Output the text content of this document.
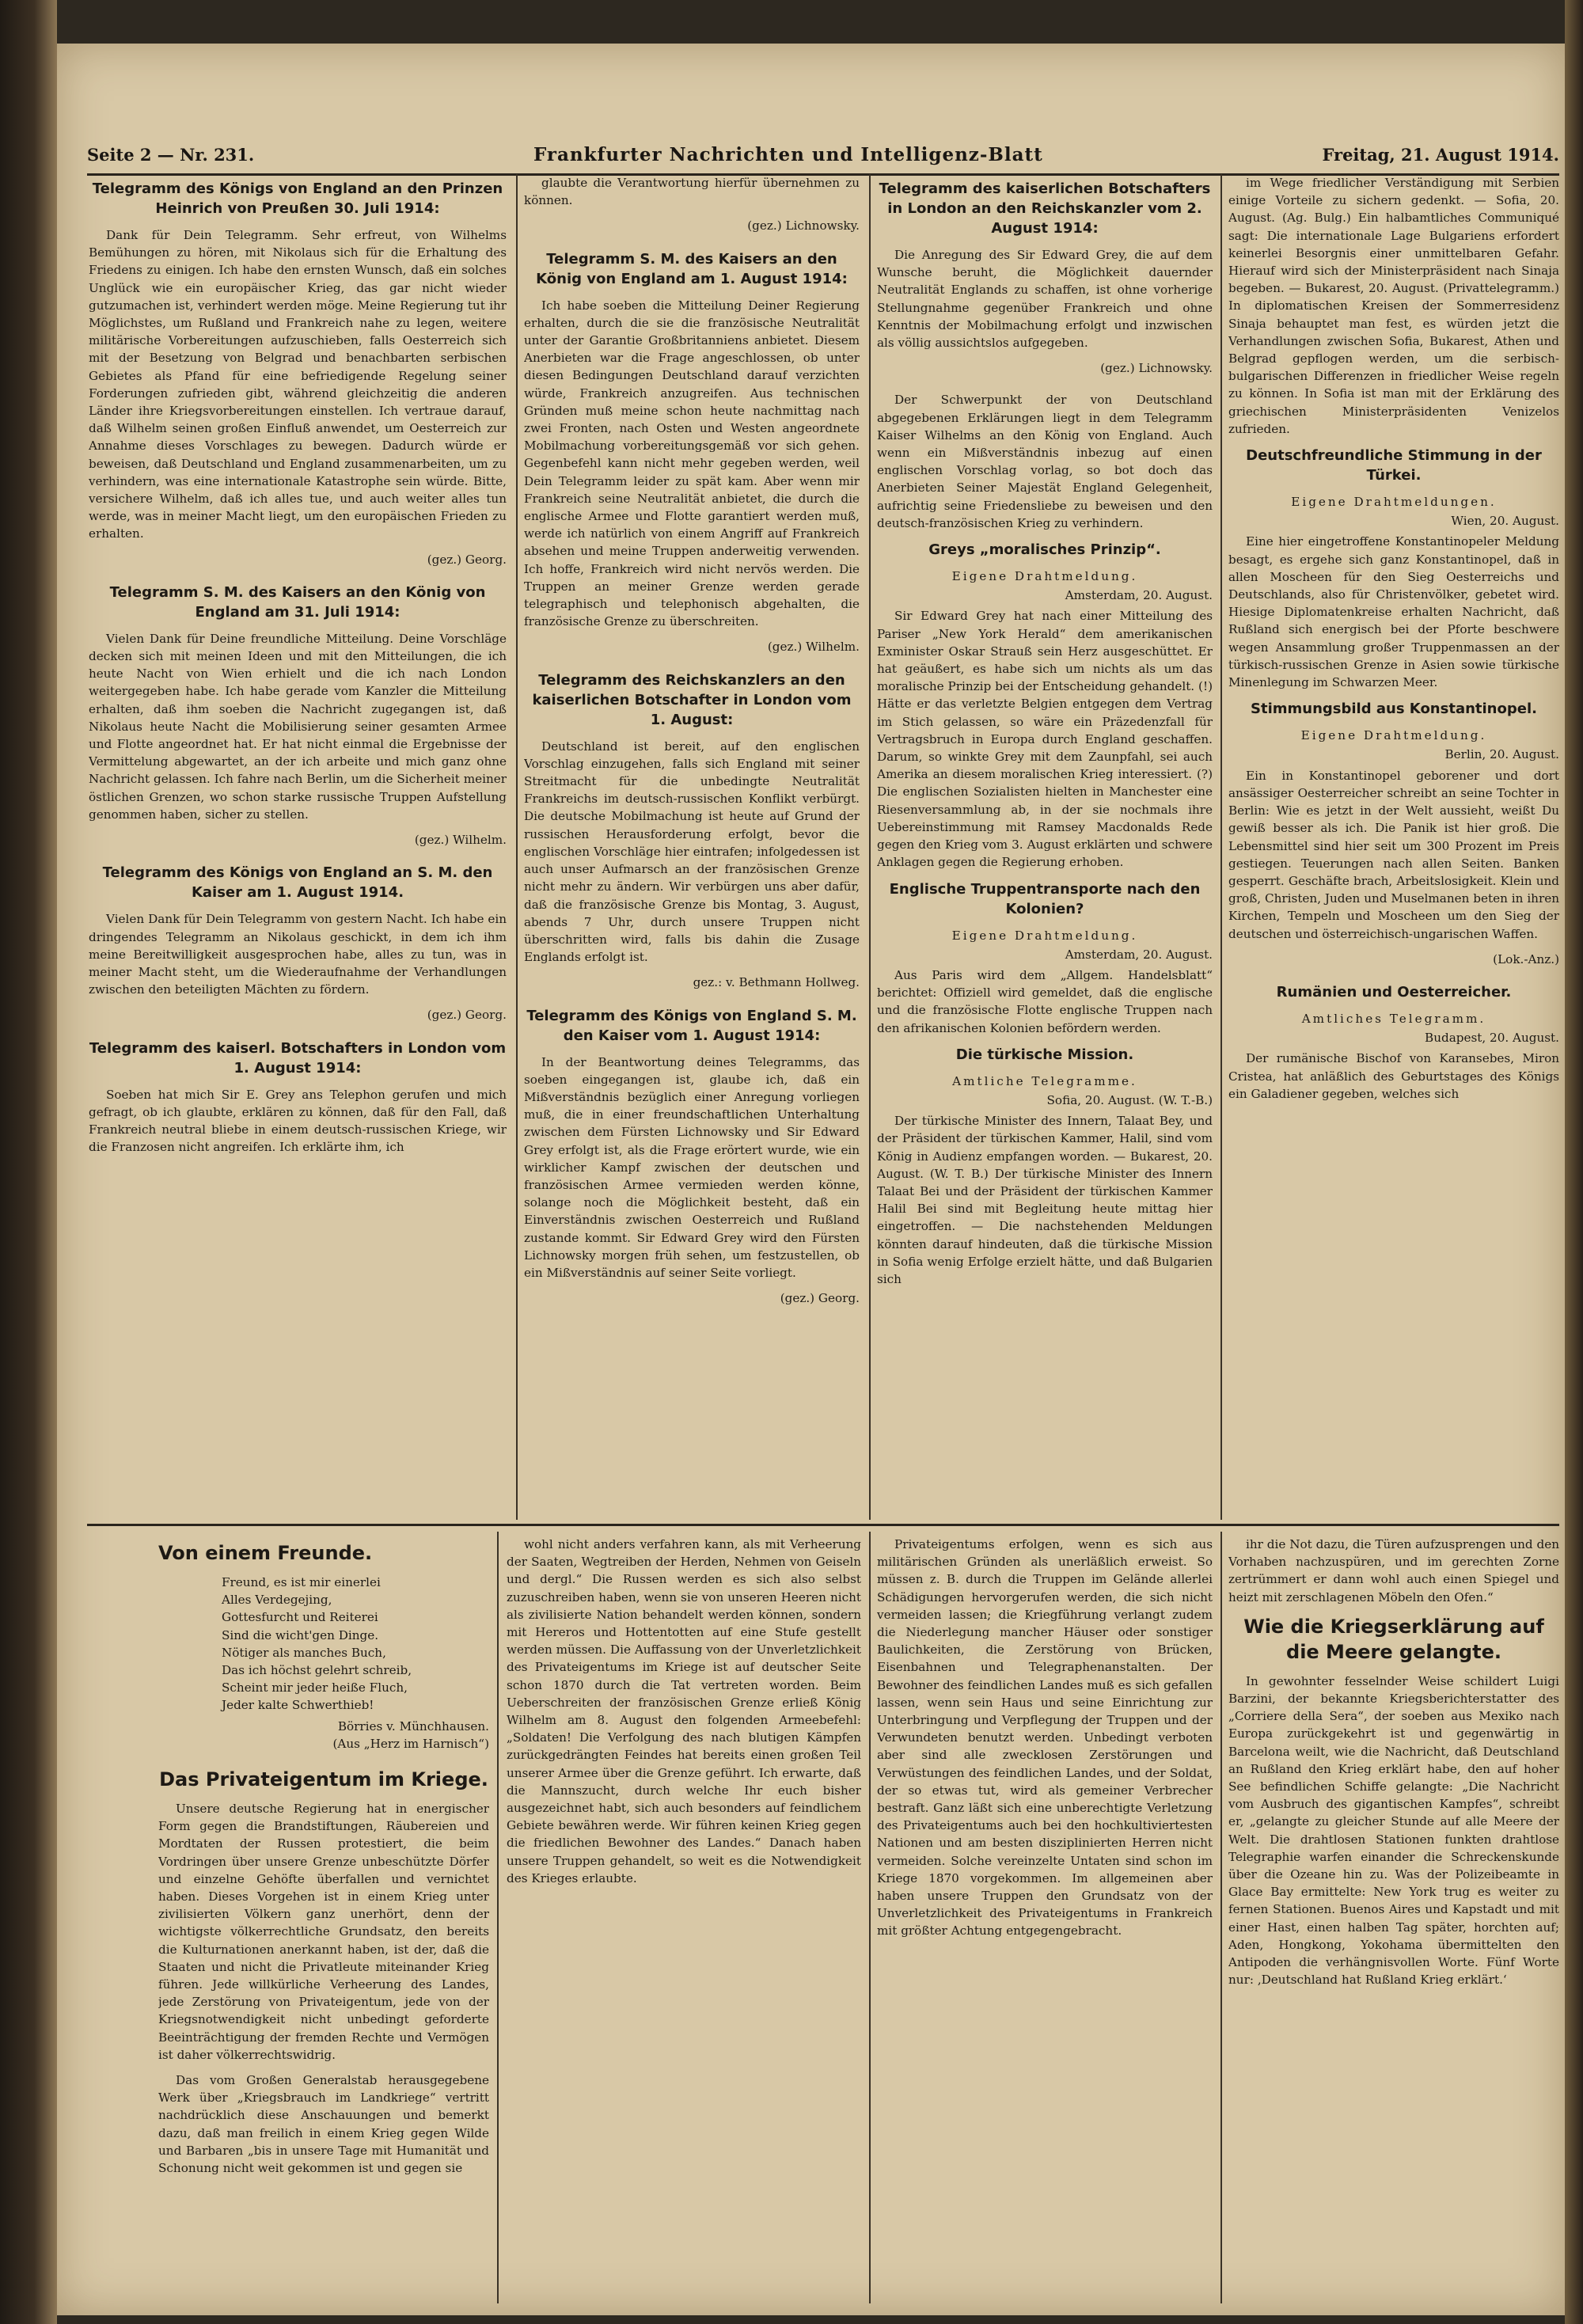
Seite 2 — Nr. 231.	Frankfurter Nachrichten und Intelligenz-Blatt	Freitag, 21. August 1914.
Telegramm des Königs von England an den Prinzen Heinrich von Preußen 30. Juli 1914:

Dank für Dein Telegramm. Sehr erfreut, von Wilhelms Bemühungen zu hören, mit Nikolaus sich für die Erhaltung des Friedens zu einigen. Ich habe den ernsten Wunsch, daß ein solches Unglück wie ein europäischer Krieg, das gar nicht wieder gutzumachen ist, verhindert werden möge. Meine Regierung tut ihr Möglichstes, um Rußland und Frankreich nahe zu legen, weitere militärische Vorbereitungen aufzuschieben, falls Oesterreich sich mit der Besetzung von Belgrad und benachbarten serbischen Gebietes als Pfand für eine befriedigende Regelung seiner Forderungen zufrieden gibt, während gleichzeitig die anderen Länder ihre Kriegsvorbereitungen einstellen. Ich vertraue darauf, daß Wilhelm seinen großen Einfluß anwendet, um Oesterreich zur Annahme dieses Vorschlages zu bewegen. Dadurch würde er beweisen, daß Deutschland und England zusammenarbeiten, um zu verhindern, was eine internationale Katastrophe sein würde. Bitte, versichere Wilhelm, daß ich alles tue, und auch weiter alles tun werde, was in meiner Macht liegt, um den europäischen Frieden zu erhalten.

(gez.) Georg.
Telegramm S. M. des Kaisers an den König von England am 31. Juli 1914:

Vielen Dank für Deine freundliche Mitteilung. Deine Vorschläge decken sich mit meinen Ideen und mit den Mitteilungen, die ich heute Nacht von Wien erhielt und die ich nach London weitergegeben habe. Ich habe gerade vom Kanzler die Mitteilung erhalten, daß ihm soeben die Nachricht zugegangen ist, daß Nikolaus heute Nacht die Mobilisierung seiner gesamten Armee und Flotte angeordnet hat. Er hat nicht einmal die Ergebnisse der Vermittelung abgewartet, an der ich arbeite und mich ganz ohne Nachricht gelassen. Ich fahre nach Berlin, um die Sicherheit meiner östlichen Grenzen, wo schon starke russische Truppen Aufstellung genommen haben, sicher zu stellen.

(gez.) Wilhelm.
Telegramm des Königs von England an S. M. den Kaiser am 1. August 1914.

Vielen Dank für Dein Telegramm von gestern Nacht. Ich habe ein dringendes Telegramm an Nikolaus geschickt, in dem ich ihm meine Bereitwilligkeit ausgesprochen habe, alles zu tun, was in meiner Macht steht, um die Wiederaufnahme der Verhandlungen zwischen den beteiligten Mächten zu fördern.

(gez.) Georg.
Telegramm des kaiserl. Botschafters in London vom 1. August 1914:

Soeben hat mich Sir E. Grey ans Telephon gerufen und mich gefragt, ob ich glaubte, erklären zu können, daß für den Fall, daß Frankreich neutral bliebe in einem deutsch-russischen Kriege, wir die Franzosen nicht angreifen. Ich erklärte ihm, ich

glaubte die Verantwortung hierfür übernehmen zu können.

(gez.) Lichnowsky.
Telegramm S. M. des Kaisers an den König von England am 1. August 1914:

Ich habe soeben die Mitteilung Deiner Regierung erhalten, durch die sie die französische Neutralität unter der Garantie Großbritanniens anbietet. Diesem Anerbieten war die Frage angeschlossen, ob unter diesen Bedingungen Deutschland darauf verzichten würde, Frankreich anzugreifen. Aus technischen Gründen muß meine schon heute nachmittag nach zwei Fronten, nach Osten und Westen angeordnete Mobilmachung vorbereitungsgemäß vor sich gehen. Gegenbefehl kann nicht mehr gegeben werden, weil Dein Telegramm leider zu spät kam. Aber wenn mir Frankreich seine Neutralität anbietet, die durch die englische Armee und Flotte garantiert werden muß, werde ich natürlich von einem Angriff auf Frankreich absehen und meine Truppen anderweitig verwenden. Ich hoffe, Frankreich wird nicht nervös werden. Die Truppen an meiner Grenze werden gerade telegraphisch und telephonisch abgehalten, die französische Grenze zu überschreiten.

(gez.) Wilhelm.
Telegramm des Reichskanzlers an den kaiserlichen Botschafter in London vom 1. August:

Deutschland ist bereit, auf den englischen Vorschlag einzugehen, falls sich England mit seiner Streitmacht für die unbedingte Neutralität Frankreichs im deutsch-russischen Konflikt verbürgt. Die deutsche Mobilmachung ist heute auf Grund der russischen Herausforderung erfolgt, bevor die englischen Vorschläge hier eintrafen; infolgedessen ist auch unser Aufmarsch an der französischen Grenze nicht mehr zu ändern. Wir verbürgen uns aber dafür, daß die französische Grenze bis Montag, 3. August, abends 7 Uhr, durch unsere Truppen nicht überschritten wird, falls bis dahin die Zusage Englands erfolgt ist.

gez.: v. Bethmann Hollweg.
Telegramm des Königs von England S. M. den Kaiser vom 1. August 1914:

In der Beantwortung deines Telegramms, das soeben eingegangen ist, glaube ich, daß ein Mißverständnis bezüglich einer Anregung vorliegen muß, die in einer freundschaftlichen Unterhaltung zwischen dem Fürsten Lichnowsky und Sir Edward Grey erfolgt ist, als die Frage erörtert wurde, wie ein wirklicher Kampf zwischen der deutschen und französischen Armee vermieden werden könne, solange noch die Möglichkeit besteht, daß ein Einverständnis zwischen Oesterreich und Rußland zustande kommt. Sir Edward Grey wird den Fürsten Lichnowsky morgen früh sehen, um festzustellen, ob ein Mißverständnis auf seiner Seite vorliegt.

(gez.) Georg.
Telegramm des kaiserlichen Botschafters in London an den Reichskanzler vom 2. August 1914:

Die Anregung des Sir Edward Grey, die auf dem Wunsche beruht, die Möglichkeit dauernder Neutralität Englands zu schaffen, ist ohne vorherige Stellungnahme gegenüber Frankreich und ohne Kenntnis der Mobilmachung erfolgt und inzwischen als völlig aussichtslos aufgegeben.

(gez.) Lichnowsky.

Der Schwerpunkt der von Deutschland abgegebenen Erklärungen liegt in dem Telegramm Kaiser Wilhelms an den König von England. Auch wenn ein Mißverständnis inbezug auf einen englischen Vorschlag vorlag, so bot doch das Anerbieten Seiner Majestät England Gelegenheit, aufrichtig seine Friedensliebe zu beweisen und den deutsch-französischen Krieg zu verhindern.

Greys „moralisches Prinzip“.
Eigene Drahtmeldung.
Amsterdam, 20. August.

Sir Edward Grey hat nach einer Mitteilung des Pariser „New York Herald“ dem amerikanischen Exminister Oskar Strauß sein Herz ausgeschüttet. Er hat geäußert, es habe sich um nichts als um das moralische Prinzip bei der Entscheidung gehandelt. (!) Hätte er das verletzte Belgien entgegen dem Vertrag im Stich gelassen, so wäre ein Präzedenzfall für Vertragsbruch in Europa durch England geschaffen. Darum, so winkte Grey mit dem Zaunpfahl, sei auch Amerika an diesem moralischen Krieg interessiert. (?) Die englischen Sozialisten hielten in Manchester eine Riesenversammlung ab, in der sie nochmals ihre Uebereinstimmung mit Ramsey Macdonalds Rede gegen den Krieg vom 3. August erklärten und schwere Anklagen gegen die Regierung erhoben.

Englische Truppentransporte nach den Kolonien?
Eigene Drahtmeldung.
Amsterdam, 20. August.

Aus Paris wird dem „Allgem. Handelsblatt“ berichtet: Offiziell wird gemeldet, daß die englische und die französische Flotte englische Truppen nach den afrikanischen Kolonien befördern werden.

Die türkische Mission.
Amtliche Telegramme.
Sofia, 20. August. (W. T.-B.)

Der türkische Minister des Innern, Talaat Bey, und der Präsident der türkischen Kammer, Halil, sind vom König in Audienz empfangen worden. — Bukarest, 20. August. (W. T. B.) Der türkische Minister des Innern Talaat Bei und der Präsident der türkischen Kammer Halil Bei sind mit Begleitung heute mittag hier eingetroffen. — Die nachstehenden Meldungen könnten darauf hindeuten, daß die türkische Mission in Sofia wenig Erfolge erzielt hätte, und daß Bulgarien sich

im Wege friedlicher Verständigung mit Serbien einige Vorteile zu sichern gedenkt. — Sofia, 20. August. (Ag. Bulg.) Ein halbamtliches Communiqué sagt: Die internationale Lage Bulgariens erfordert keinerlei Besorgnis einer unmittelbaren Gefahr. Hierauf wird sich der Ministerpräsident nach Sinaja begeben. — Bukarest, 20. August. (Privattelegramm.) In diplomatischen Kreisen der Sommerresidenz Sinaja behauptet man fest, es würden jetzt die Verhandlungen zwischen Sofia, Bukarest, Athen und Belgrad gepflogen werden, um die serbisch-bulgarischen Differenzen in friedlicher Weise regeln zu können. In Sofia ist man mit der Erklärung des griechischen Ministerpräsidenten Venizelos zufrieden.

Deutschfreundliche Stimmung in der Türkei.
Eigene Drahtmeldungen.
Wien, 20. August.

Eine hier eingetroffene Konstantinopeler Meldung besagt, es ergehe sich ganz Konstantinopel, daß in allen Moscheen für den Sieg Oesterreichs und Deutschlands, also für Christenvölker, gebetet wird. Hiesige Diplomatenkreise erhalten Nachricht, daß Rußland sich energisch bei der Pforte beschwere wegen Ansammlung großer Truppenmassen an der türkisch-russischen Grenze in Asien sowie türkische Minenlegung im Schwarzen Meer.

Stimmungsbild aus Konstantinopel.
Eigene Drahtmeldung.
Berlin, 20. August.

Ein in Konstantinopel geborener und dort ansässiger Oesterreicher schreibt an seine Tochter in Berlin: Wie es jetzt in der Welt aussieht, weißt Du gewiß besser als ich. Die Panik ist hier groß. Die Lebensmittel sind hier seit um 300 Prozent im Preis gestiegen. Teuerungen nach allen Seiten. Banken gesperrt. Geschäfte brach, Arbeitslosigkeit. Klein und groß, Christen, Juden und Muselmanen beten in ihren Kirchen, Tempeln und Moscheen um den Sieg der deutschen und österreichisch-ungarischen Waffen.

(Lok.-Anz.)
Rumänien und Oesterreicher.
Amtliches Telegramm.
Budapest, 20. August.

Der rumänische Bischof von Karansebes, Miron Cristea, hat anläßlich des Geburtstages des Königs ein Galadiener gegeben, welches sich

Von einem Freunde.
Freund, es ist mir einerlei
Alles Verdegejing,
Gottesfurcht und Reiterei
Sind die wicht'gen Dinge.
Nötiger als manches Buch,
Das ich höchst gelehrt schreib,
Scheint mir jeder heiße Fluch,
Jeder kalte Schwerthieb!
Börries v. Münchhausen.
(Aus „Herz im Harnisch“)
Das Privateigentum im Kriege.

Unsere deutsche Regierung hat in energischer Form gegen die Brandstiftungen, Räubereien und Mordtaten der Russen protestiert, die beim Vordringen über unsere Grenze unbeschützte Dörfer und einzelne Gehöfte überfallen und vernichtet haben. Dieses Vorgehen ist in einem Krieg unter zivilisierten Völkern ganz unerhört, denn der wichtigste völkerrechtliche Grundsatz, den bereits die Kulturnationen anerkannt haben, ist der, daß die Staaten und nicht die Privatleute miteinander Krieg führen. Jede willkürliche Verheerung des Landes, jede Zerstörung von Privateigentum, jede von der Kriegsnotwendigkeit nicht unbedingt geforderte Beeinträchtigung der fremden Rechte und Vermögen ist daher völkerrechtswidrig.

Das vom Großen Generalstab herausgegebene Werk über „Kriegsbrauch im Landkriege“ vertritt nachdrücklich diese Anschauungen und bemerkt dazu, daß man freilich in einem Krieg gegen Wilde und Barbaren „bis in unsere Tage mit Humanität und Schonung nicht weit gekommen ist und gegen sie

wohl nicht anders verfahren kann, als mit Verheerung der Saaten, Wegtreiben der Herden, Nehmen von Geiseln und dergl.“ Die Russen werden es sich also selbst zuzuschreiben haben, wenn sie von unseren Heeren nicht als zivilisierte Nation behandelt werden können, sondern mit Hereros und Hottentotten auf eine Stufe gestellt werden müssen. Die Auffassung von der Unverletzlichkeit des Privateigentums im Kriege ist auf deutscher Seite schon 1870 durch die Tat vertreten worden. Beim Ueberschreiten der französischen Grenze erließ König Wilhelm am 8. August den folgenden Armeebefehl: „Soldaten! Die Verfolgung des nach blutigen Kämpfen zurückgedrängten Feindes hat bereits einen großen Teil unserer Armee über die Grenze geführt. Ich erwarte, daß die Mannszucht, durch welche Ihr euch bisher ausgezeichnet habt, sich auch besonders auf feindlichem Gebiete bewähren werde. Wir führen keinen Krieg gegen die friedlichen Bewohner des Landes.“ Danach haben unsere Truppen gehandelt, so weit es die Notwendigkeit des Krieges erlaubte.

Privateigentums erfolgen, wenn es sich aus militärischen Gründen als unerläßlich erweist. So müssen z. B. durch die Truppen im Gelände allerlei Schädigungen hervorgerufen werden, die sich nicht vermeiden lassen; die Kriegführung verlangt zudem die Niederlegung mancher Häuser oder sonstiger Baulichkeiten, die Zerstörung von Brücken, Eisenbahnen und Telegraphenanstalten. Der Bewohner des feindlichen Landes muß es sich gefallen lassen, wenn sein Haus und seine Einrichtung zur Unterbringung und Verpflegung der Truppen und der Verwundeten benutzt werden. Unbedingt verboten aber sind alle zwecklosen Zerstörungen und Verwüstungen des feindlichen Landes, und der Soldat, der so etwas tut, wird als gemeiner Verbrecher bestraft. Ganz läßt sich eine unberechtigte Verletzung des Privateigentums auch bei den hochkultiviertesten Nationen und am besten disziplinierten Herren nicht vermeiden. Solche vereinzelte Untaten sind schon im Kriege 1870 vorgekommen. Im allgemeinen aber haben unsere Truppen den Grundsatz von der Unverletzlichkeit des Privateigentums in Frankreich mit größter Achtung entgegengebracht.

ihr die Not dazu, die Türen aufzusprengen und den Vorhaben nachzuspüren, und im gerechten Zorne zertrümmert er dann wohl auch einen Spiegel und heizt mit zerschlagenen Möbeln den Ofen.“

Wie die Kriegserklärung auf die Meere gelangte.

In gewohnter fesselnder Weise schildert Luigi Barzini, der bekannte Kriegsberichterstatter des „Corriere della Sera“, der soeben aus Mexiko nach Europa zurückgekehrt ist und gegenwärtig in Barcelona weilt, wie die Nachricht, daß Deutschland an Rußland den Krieg erklärt habe, den auf hoher See befindlichen Schiffe gelangte: „Die Nachricht vom Ausbruch des gigantischen Kampfes“, schreibt er, „gelangte zu gleicher Stunde auf alle Meere der Welt. Die drahtlosen Stationen funkten drahtlose Telegraphie warfen einander die Schreckenskunde über die Ozeane hin zu. Was der Polizeibeamte in Glace Bay ermittelte: New York trug es weiter zu fernen Stationen. Buenos Aires und Kapstadt und mit einer Hast, einen halben Tag später, horchten auf; Aden, Hongkong, Yokohama übermittelten den Antipoden die verhängnisvollen Worte. Fünf Worte nur: ‚Deutschland hat Rußland Krieg erklärt.‘
